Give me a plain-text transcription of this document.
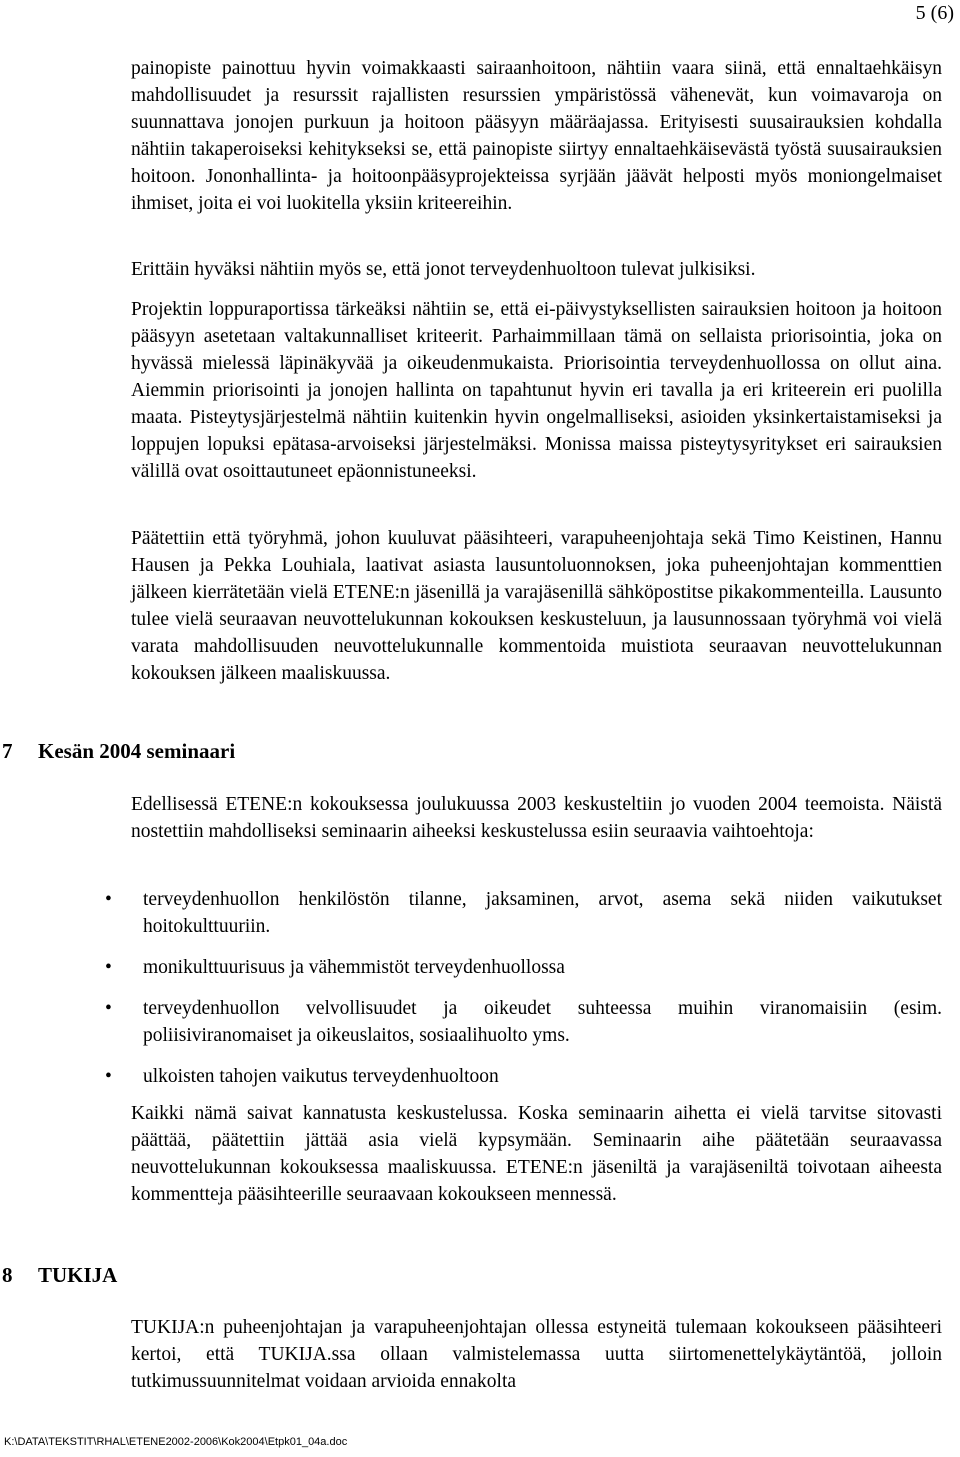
5 (6)

painopiste painottuu hyvin voimakkaasti sairaanhoitoon, nähtiin vaara siinä, että ennaltaehkäisyn mahdollisuudet ja resurssit rajallisten resurssien ympäristössä vähenevät, kun voimavaroja on suunnattava jonojen purkuun ja hoitoon pääsyyn määräajassa. Erityisesti suusairauksien kohdalla nähtiin takaperoiseksi kehitykseksi se, että painopiste siirtyy ennaltaehkäisevästä työstä suusairauksien hoitoon. Jononhallinta- ja hoitoonpääsyprojekteissa syrjään jäävät helposti myös moniongelmaiset ihmiset, joita ei voi luokitella yksiin kriteereihin.

Erittäin hyväksi nähtiin myös se, että jonot terveydenhuoltoon tulevat julkisiksi.

Projektin loppuraportissa tärkeäksi nähtiin se, että ei-päivystyksellisten sairauksien hoitoon ja hoitoon pääsyyn asetetaan valtakunnalliset kriteerit. Parhaimmillaan tämä on sellaista priorisointia, joka on hyvässä mielessä läpinäkyvää ja oikeudenmukaista. Priorisointia terveydenhuollossa on ollut aina. Aiemmin priorisointi ja jonojen hallinta on tapahtunut hyvin eri tavalla ja eri kriteerein eri puolilla maata. Pisteytysjärjestelmä nähtiin kuitenkin hyvin ongelmalliseksi, asioiden yksinkertaistamiseksi ja loppujen lopuksi epätasa-arvoiseksi järjestelmäksi. Monissa maissa pisteytysyritykset eri sairauksien välillä ovat osoittautuneet epäonnistuneeksi.

Päätettiin että työryhmä, johon kuuluvat pääsihteeri, varapuheenjohtaja sekä Timo Keistinen, Hannu Hausen ja Pekka Louhiala, laativat asiasta lausuntoluonnoksen, joka puheenjohtajan kommenttien jälkeen kierrätetään vielä ETENE:n jäsenillä ja varajäsenillä sähköpostitse pikakommenteilla. Lausunto tulee vielä seuraavan neuvottelukunnan kokouksen keskusteluun, ja lausunnossaan työryhmä voi vielä varata mahdollisuuden neuvottelukunnalle kommentoida muistiota seuraavan neuvottelukunnan kokouksen jälkeen maaliskuussa.

7 Kesän 2004 seminaari

Edellisessä ETENE:n kokouksessa joulukuussa 2003 keskusteltiin jo vuoden 2004 teemoista. Näistä nostettiin mahdolliseksi seminaarin aiheeksi keskustelussa esiin seuraavia vaihtoehtoja:

• terveydenhuollon henkilöstön tilanne, jaksaminen, arvot, asema sekä niiden vaikutukset hoitokulttuuriin.
• monikulttuurisuus ja vähemmistöt terveydenhuollossa
• terveydenhuollon velvollisuudet ja oikeudet suhteessa muihin viranomaisiin (esim. poliisiviranomaiset ja oikeuslaitos, sosiaalihuolto yms.
• ulkoisten tahojen vaikutus terveydenhuoltoon

Kaikki nämä saivat kannatusta keskustelussa. Koska seminaarin aihetta ei vielä tarvitse sitovasti päättää, päätettiin jättää asia vielä kypsymään. Seminaarin aihe päätetään seuraavassa neuvottelukunnan kokouksessa maaliskuussa. ETENE:n jäseniltä ja varajäseniltä toivotaan aiheesta kommentteja pääsihteerille seuraavaan kokoukseen mennessä.

8 TUKIJA

TUKIJA:n puheenjohtajan ja varapuheenjohtajan ollessa estyneitä tulemaan kokoukseen pääsihteeri kertoi, että TUKIJA.ssa ollaan valmistelemassa uutta siirtomenettelykäytäntöä, jolloin tutkimussuunnitelmat voidaan arvioida ennakolta

K:\DATA\TEKSTIT\RHAL\ETENE2002-2006\Kok2004\Etpk01_04a.doc
